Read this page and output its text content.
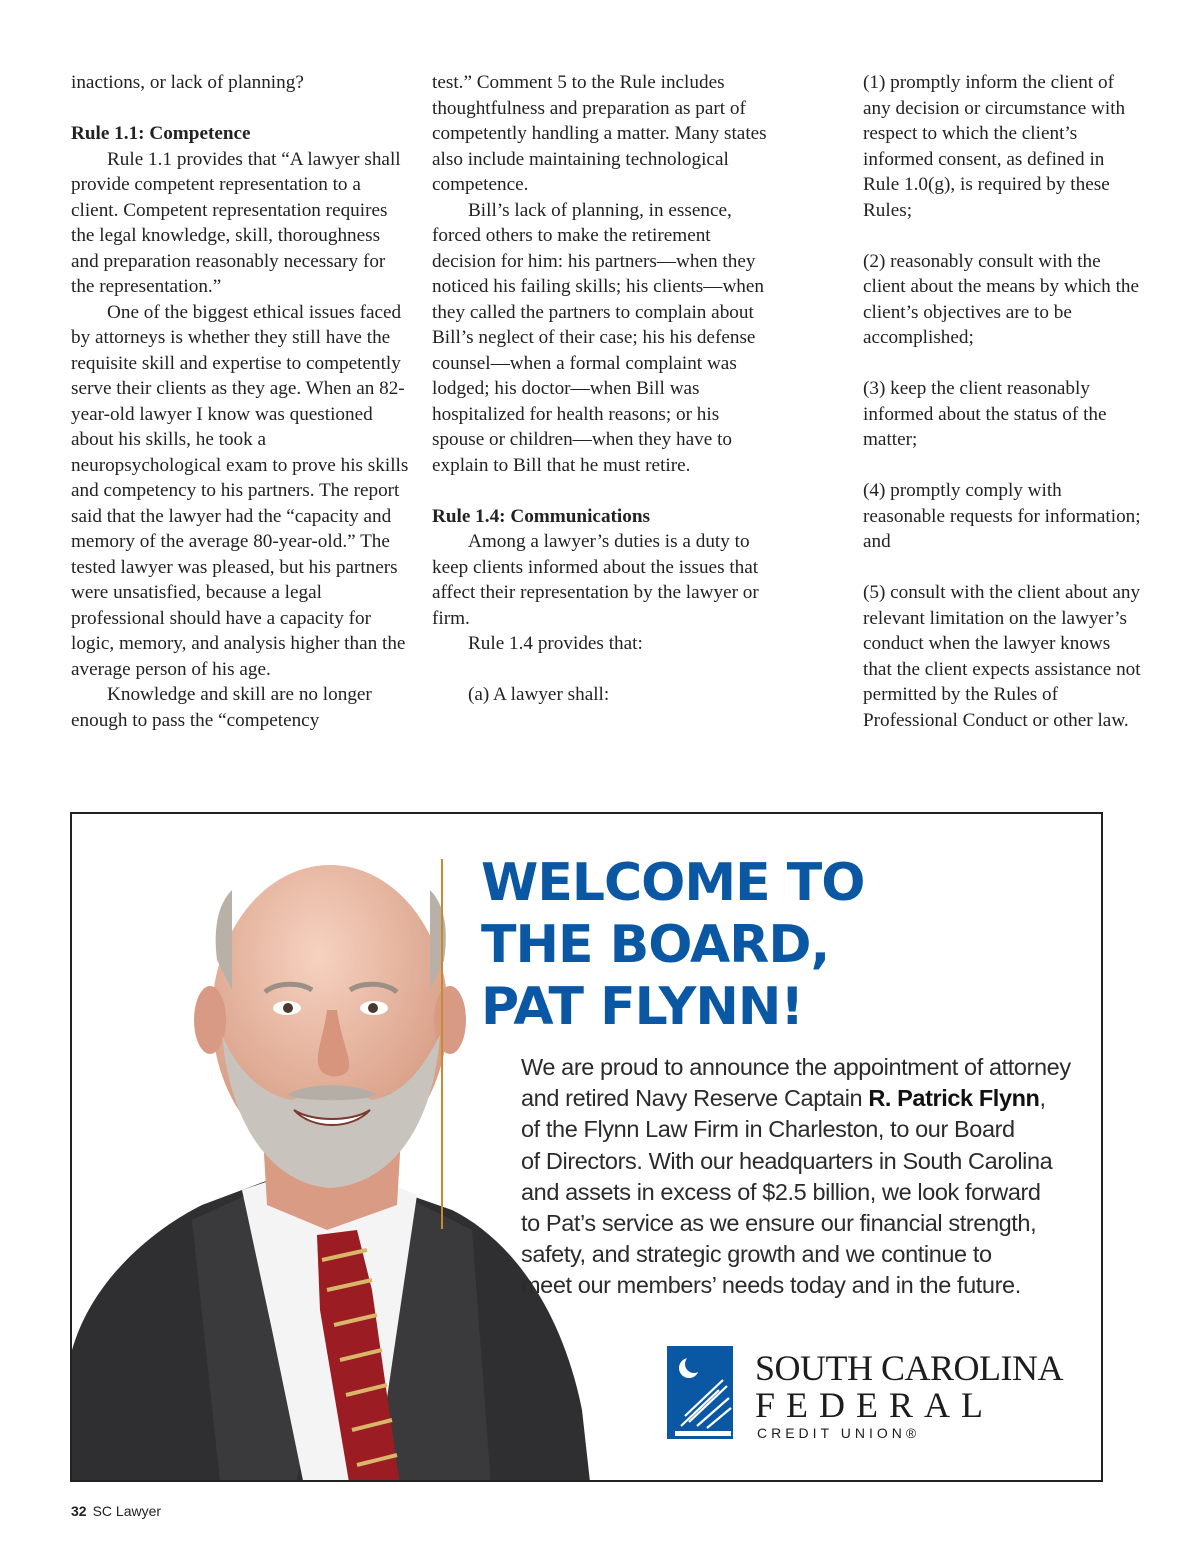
inactions, or lack of planning?

Rule 1.1: Competence

Rule 1.1 provides that “A lawyer shall provide competent representation to a client. Competent representation requires the legal knowledge, skill, thoroughness and preparation reasonably necessary for the representation.”

One of the biggest ethical issues faced by attorneys is whether they still have the requisite skill and expertise to competently serve their clients as they age. When an 82-year-old lawyer I know was questioned about his skills, he took a neuropsychological exam to prove his skills and competency to his partners. The report said that the lawyer had the “capacity and memory of the average 80-year-old.” The tested lawyer was pleased, but his partners were unsatisfied, because a legal professional should have a capacity for logic, memory, and analysis higher than the average person of his age.

Knowledge and skill are no longer enough to pass the “competency

test.” Comment 5 to the Rule includes thoughtfulness and preparation as part of competently handling a matter. Many states also include maintaining technological competence.

Bill’s lack of planning, in essence, forced others to make the retirement decision for him: his partners—when they noticed his failing skills; his clients—when they called the partners to complain about Bill’s neglect of their case; his his defense counsel—when a formal complaint was lodged; his doctor—when Bill was hospitalized for health reasons; or his spouse or children—when they have to explain to Bill that he must retire.

Rule 1.4: Communications

Among a lawyer’s duties is a duty to keep clients informed about the issues that affect their representation by the lawyer or firm.

Rule 1.4 provides that:

(a) A lawyer shall:

(1) promptly inform the client of any decision or circumstance with respect to which the client’s informed consent, as defined in Rule 1.0(g), is required by these Rules;

(2) reasonably consult with the client about the means by which the client’s objectives are to be accomplished;

(3) keep the client reasonably informed about the status of the matter;

(4) promptly comply with reasonable requests for information; and

(5) consult with the client about any relevant limitation on the lawyer’s conduct when the lawyer knows that the client expects assistance not permitted by the Rules of Professional Conduct or other law.

WELCOME TO
THE BOARD,
PAT FLYNN!
We are proud to announce the appointment of attorney
and retired Navy Reserve Captain R. Patrick Flynn,
of the Flynn Law Firm in Charleston, to our Board
of Directors. With our headquarters in South Carolina
and assets in excess of $2.5 billion, we look forward
to Pat’s service as we ensure our financial strength,
safety, and strategic growth and we continue to
meet our members’ needs today and in the future.
SOUTH CAROLINA
FEDERAL
CREDIT UNION®
32 SC Lawyer
